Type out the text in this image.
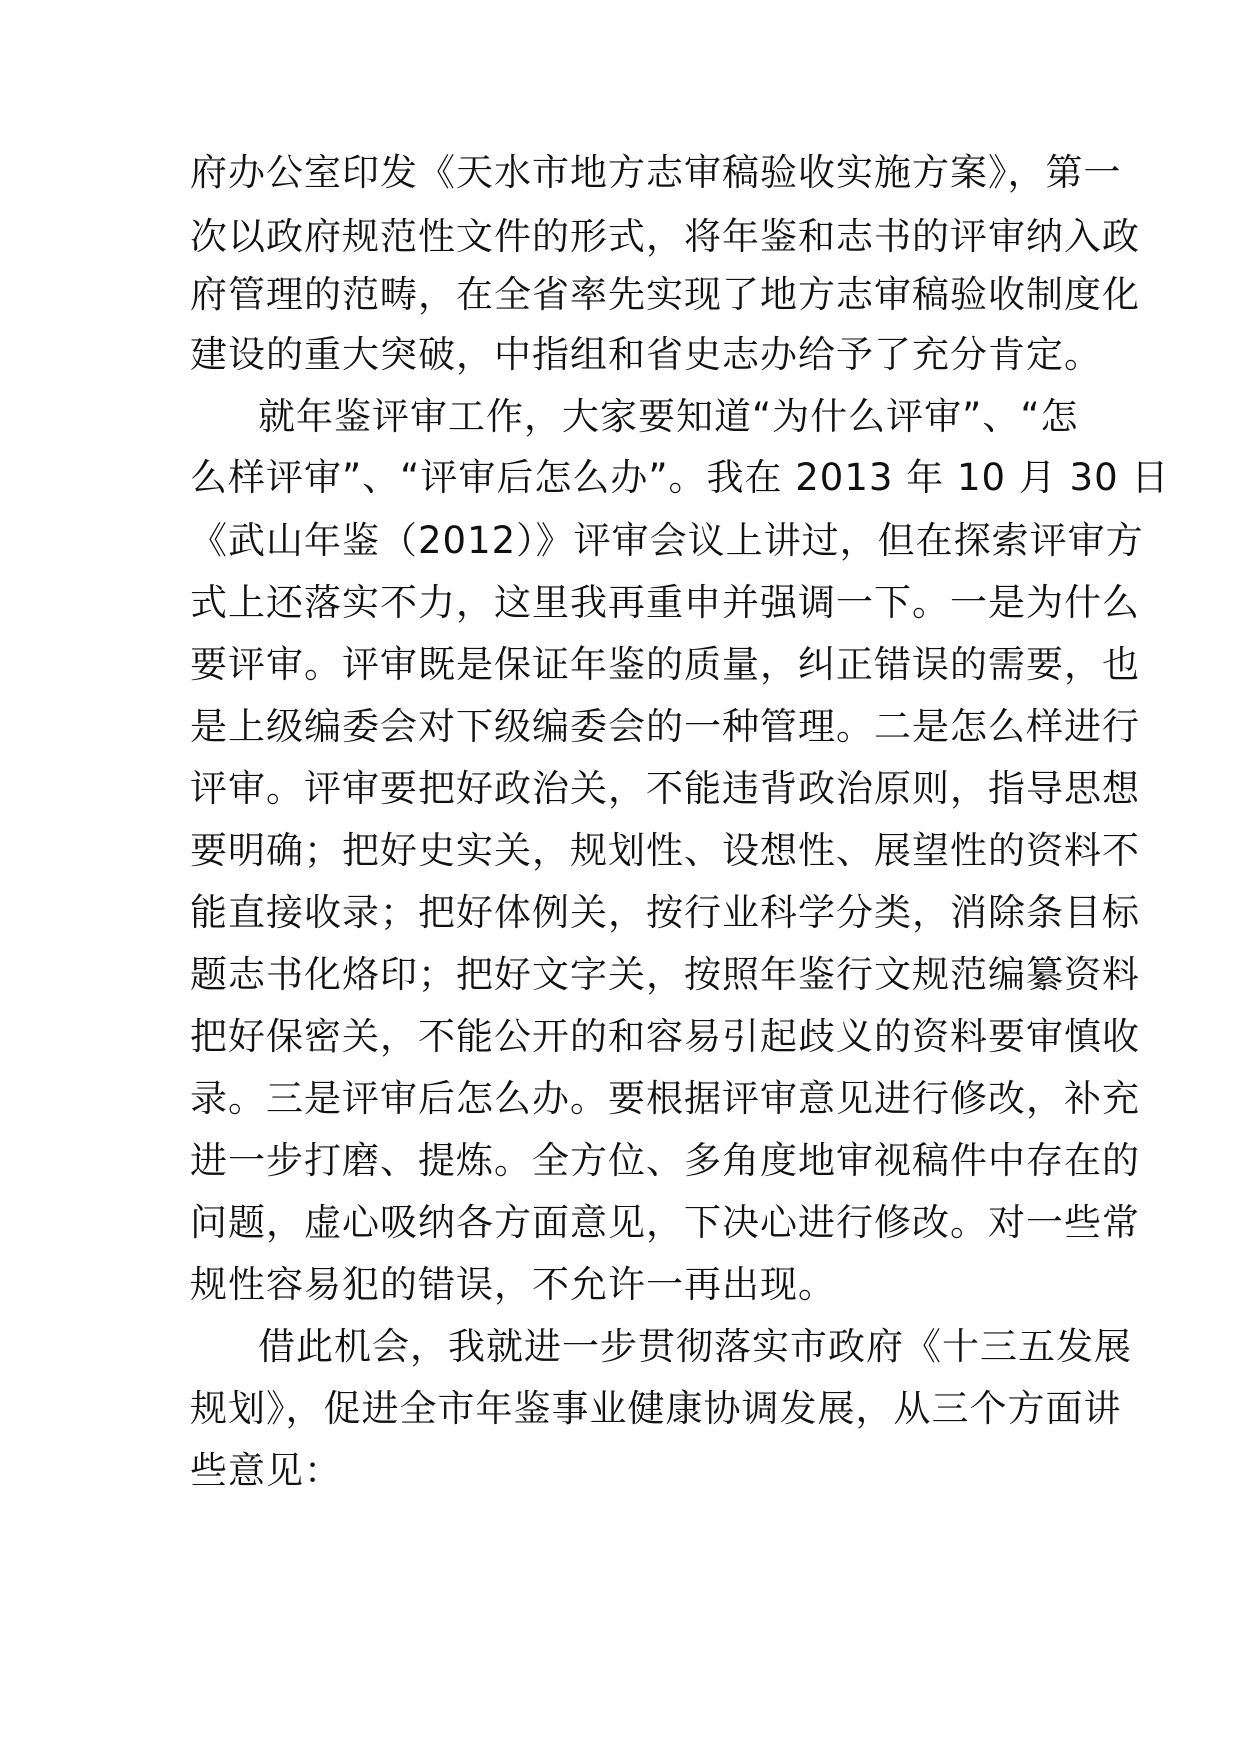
府办公室印发《天水市地方志审稿验收实施方案》，第一
次以政府规范性文件的形式，将年鉴和志书的评审纳入政
府管理的范畴，在全省率先实现了地方志审稿验收制度化
建设的重大突破，中指组和省史志办给予了充分肯定。
就年鉴评审工作，大家要知道“为什么评审”、“怎
么样评审”、“评审后怎么办”。我在 2013 年 10 月 30 日
《武山年鉴（2012）》评审会议上讲过，但在探索评审方
式上还落实不力，这里我再重申并强调一下。一是为什么
要评审。评审既是保证年鉴的质量，纠正错误的需要，也
是上级编委会对下级编委会的一种管理。二是怎么样进行
评审。评审要把好政治关，不能违背政治原则，指导思想
要明确；把好史实关，规划性、设想性、展望性的资料不
能直接收录；把好体例关，按行业科学分类，消除条目标
题志书化烙印；把好文字关，按照年鉴行文规范编纂资料
把好保密关，不能公开的和容易引起歧义的资料要审慎收
录。三是评审后怎么办。要根据评审意见进行修改，补充
进一步打磨、提炼。全方位、多角度地审视稿件中存在的
问题，虚心吸纳各方面意见，下决心进行修改。对一些常
规性容易犯的错误，不允许一再出现。
借此机会，我就进一步贯彻落实市政府《十三五发展
规划》，促进全市年鉴事业健康协调发展，从三个方面讲
些意见：
